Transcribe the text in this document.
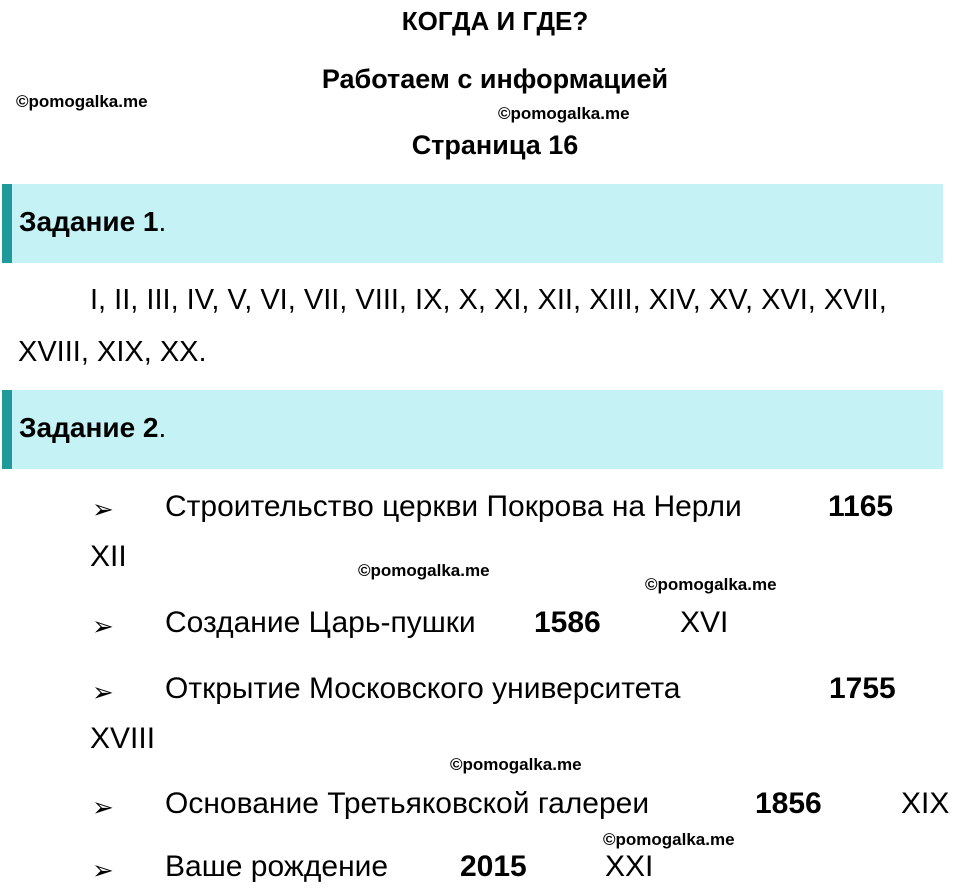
КОГДА И ГДЕ?
Работаем с информацией
Страница 16
©pomogalka.me
©pomogalka.me
©pomogalka.me
©pomogalka.me
©pomogalka.me
©pomogalka.me
Задание 1.
I, II, III, IV, V, VI, VII, VIII, IX, X, XI, XII, XIII, XIV, XV, XVI, XVII,
XVIII, XIX, XX.
Задание 2.
➢ Строительство церкви Покрова на Нерли	1165
XII
➢ Создание Царь-пушки 1586	XVI
➢ Открытие Московского университета	1755
XVIII
➢ Основание Третьяковской галереи	1856	XIX
➢ Ваше рождение 2015	XXI
